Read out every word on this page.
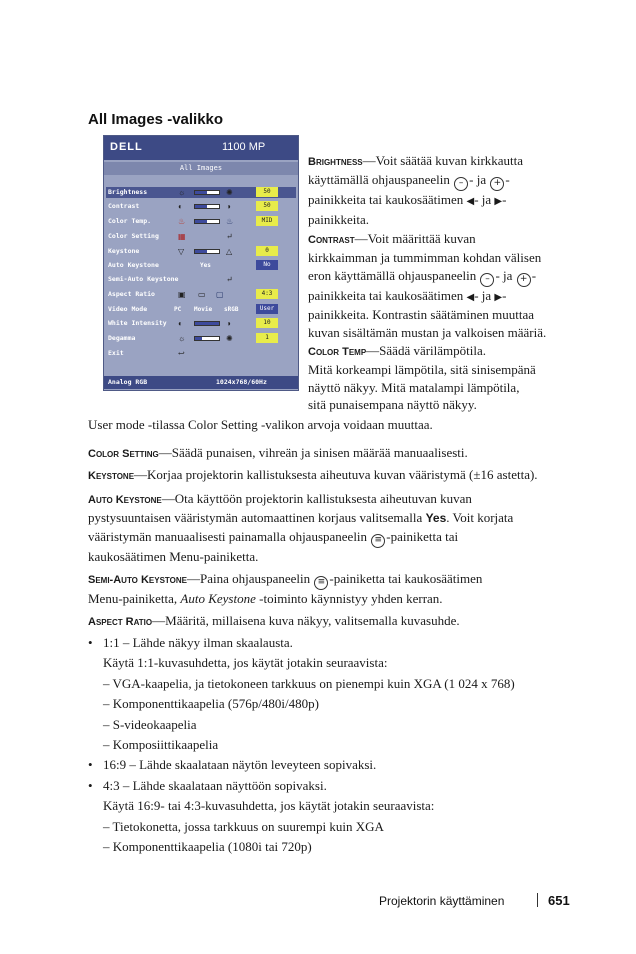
All Images -valikko
DELL	1100 MP
All Images
Brightness	☼	✺	50
Contrast	◐	◑	50
Color Temp.	♨	♨	MID
Color Setting ▦	↵
Keystone	▽	△	0
Auto Keystone	Yes	No
Semi-Auto Keystone	↵
Aspect Ratio	▣ ▭ ▢	4:3
Video Mode	PC Movie sRGB	User
White Intensity ◐	◑	10
Degamma	☼	✺	1
Exit	↩
Analog RGB	1024x768/60Hz
Brightness—Voit säätää kuvan kirkkautta
käyttämällä ohjauspaneelin – - ja + -
painikkeita tai kaukosäätimen ◀- ja ▶-
painikkeita.
Contrast—Voit määrittää kuvan
kirkkaimman ja tummimman kohdan välisen
eron käyttämällä ohjauspaneelin – - ja + -
painikkeita tai kaukosäätimen ◀- ja ▶-
painikkeita. Kontrastin säätäminen muuttaa
kuvan sisältämän mustan ja valkoisen määriä.
Color Temp—Säädä värilämpötila.
Mitä korkeampi lämpötila, sitä sinisempänä
näyttö näkyy. Mitä matalampi lämpötila,
sitä punaisempana näyttö näkyy.
User mode -tilassa Color Setting -valikon arvoja voidaan muuttaa.
Color Setting—Säädä punaisen, vihreän ja sinisen määrää manuaalisesti.
Keystone—Korjaa projektorin kallistuksesta aiheutuva kuvan vääristymä (±16 astetta).
Auto Keystone—Ota käyttöön projektorin kallistuksesta aiheutuvan kuvan
pystysuuntaisen vääristymän automaattinen korjaus valitsemalla Yes. Voit korjata
vääristymän manuaalisesti painamalla ohjauspaneelin ≡ -painiketta tai
kaukosäätimen Menu-painiketta.
Semi-Auto Keystone—Paina ohjauspaneelin ≡ -painiketta tai kaukosäätimen
Menu-painiketta, Auto Keystone -toiminto käynnistyy yhden kerran.
Aspect Ratio—Määritä, millaisena kuva näkyy, valitsemalla kuvasuhde.
• 1:1 – Lähde näkyy ilman skaalausta.
Käytä 1:1-kuvasuhdetta, jos käytät jotakin seuraavista:
– VGA-kaapelia, ja tietokoneen tarkkuus on pienempi kuin XGA (1 024 x 768)
– Komponenttikaapelia (576p/480i/480p)
– S-videokaapelia
– Komposiittikaapelia
• 16:9 – Lähde skaalataan näytön leveyteen sopivaksi.
• 4:3 – Lähde skaalataan näyttöön sopivaksi.
Käytä 16:9- tai 4:3-kuvasuhdetta, jos käytät jotakin seuraavista:
– Tietokonetta, jossa tarkkuus on suurempi kuin XGA
– Komponenttikaapelia (1080i tai 720p)
Projektorin käyttäminen	651
